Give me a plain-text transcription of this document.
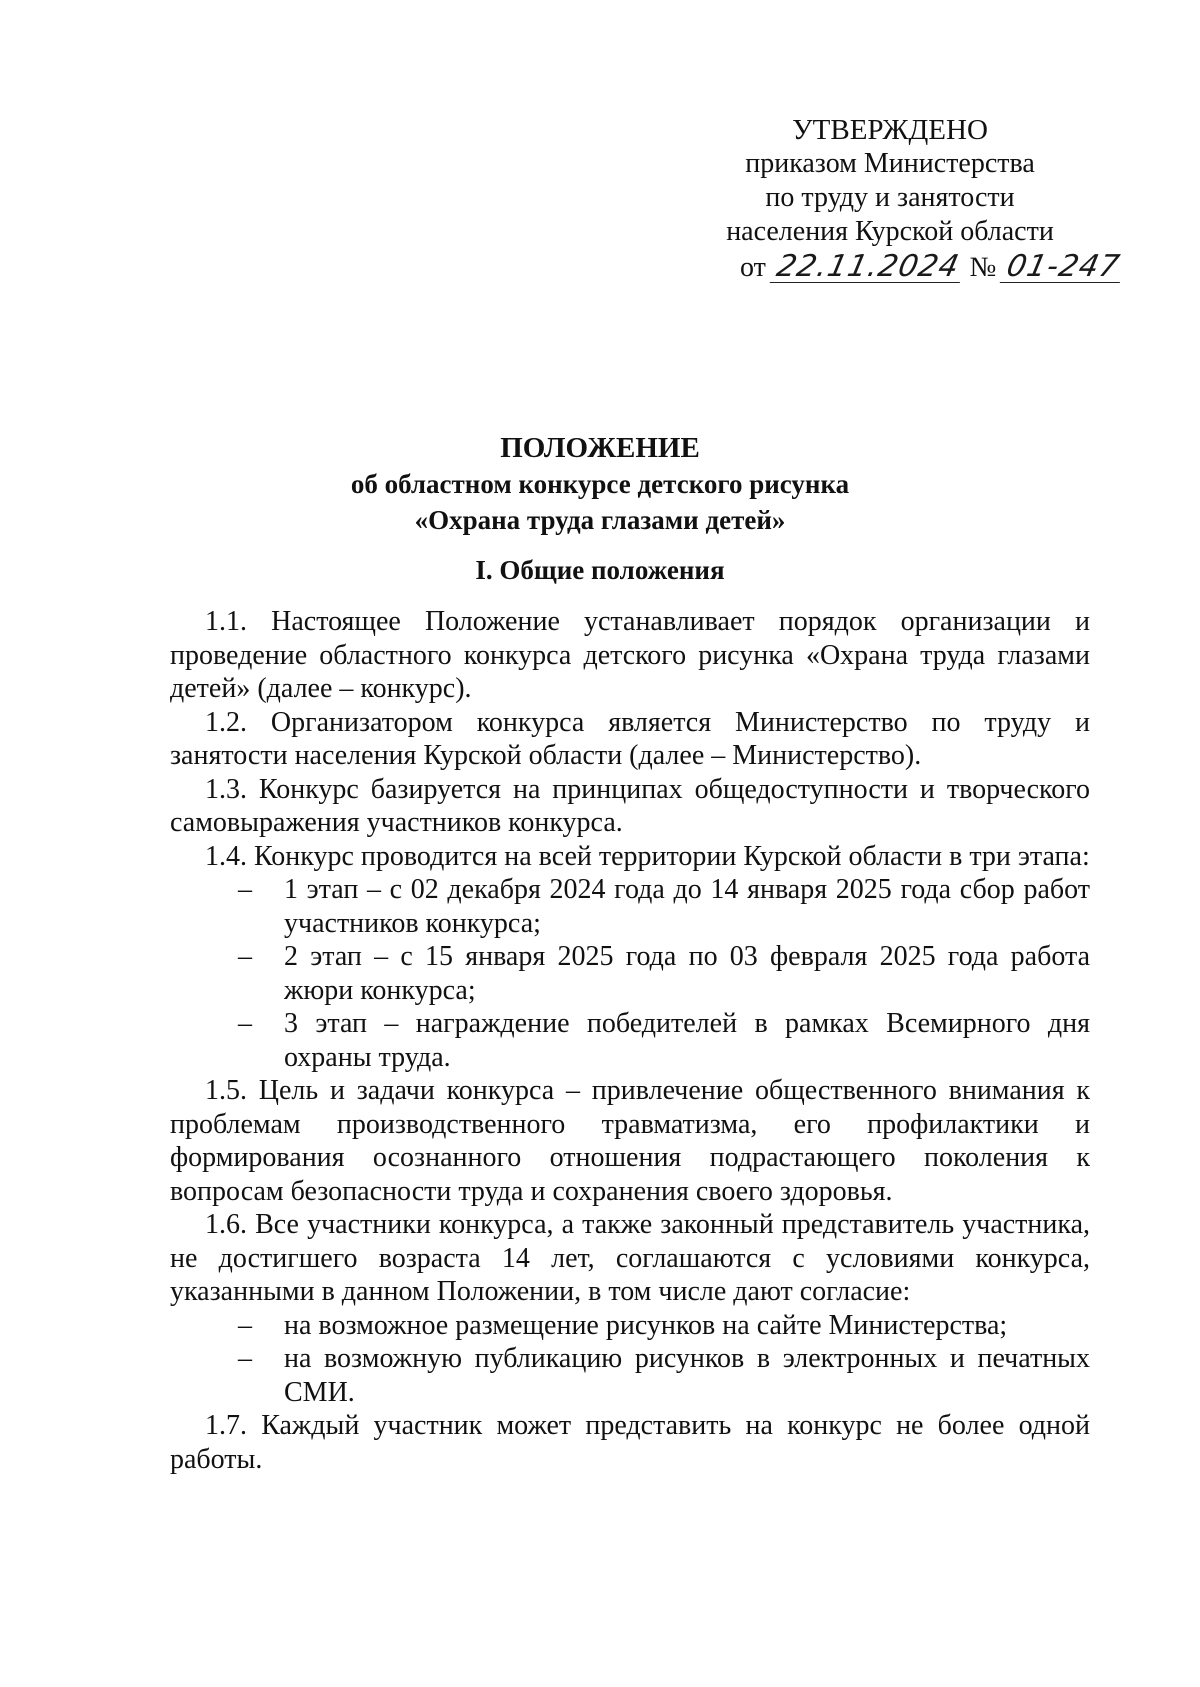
УТВЕРЖДЕНО
приказом Министерства
по труду и занятости
населения Курской области
от 22.11.2024 № 01-247
ПОЛОЖЕНИЕ
об областном конкурсе детского рисунка
«Охрана труда глазами детей»
I. Общие положения

1.1. Настоящее Положение устанавливает порядок организации и проведение областного конкурса детского рисунка «Охрана труда глазами детей» (далее – конкурс).

1.2. Организатором конкурса является Министерство по труду и занятости населения Курской области (далее – Министерство).

1.3. Конкурс базируется на принципах общедоступности и творческого самовыражения участников конкурса.

1.4. Конкурс проводится на всей территории Курской области в три этапа:

– 1 этап – с 02 декабря 2024 года до 14 января 2025 года сбор работ участников конкурса;
– 2 этап – с 15 января 2025 года по 03 февраля 2025 года работа жюри конкурса;
– 3 этап – награждение победителей в рамках Всемирного дня охраны труда.

1.5. Цель и задачи конкурса – привлечение общественного внимания к проблемам производственного травматизма, его профилактики и формирования осознанного отношения подрастающего поколения к вопросам безопасности труда и сохранения своего здоровья.

1.6. Все участники конкурса, а также законный представитель участника, не достигшего возраста 14 лет, соглашаются с условиями конкурса, указанными в данном Положении, в том числе дают согласие:

– на возможное размещение рисунков на сайте Министерства;
– на возможную публикацию рисунков в электронных и печатных СМИ.

1.7. Каждый участник может представить на конкурс не более одной работы.
